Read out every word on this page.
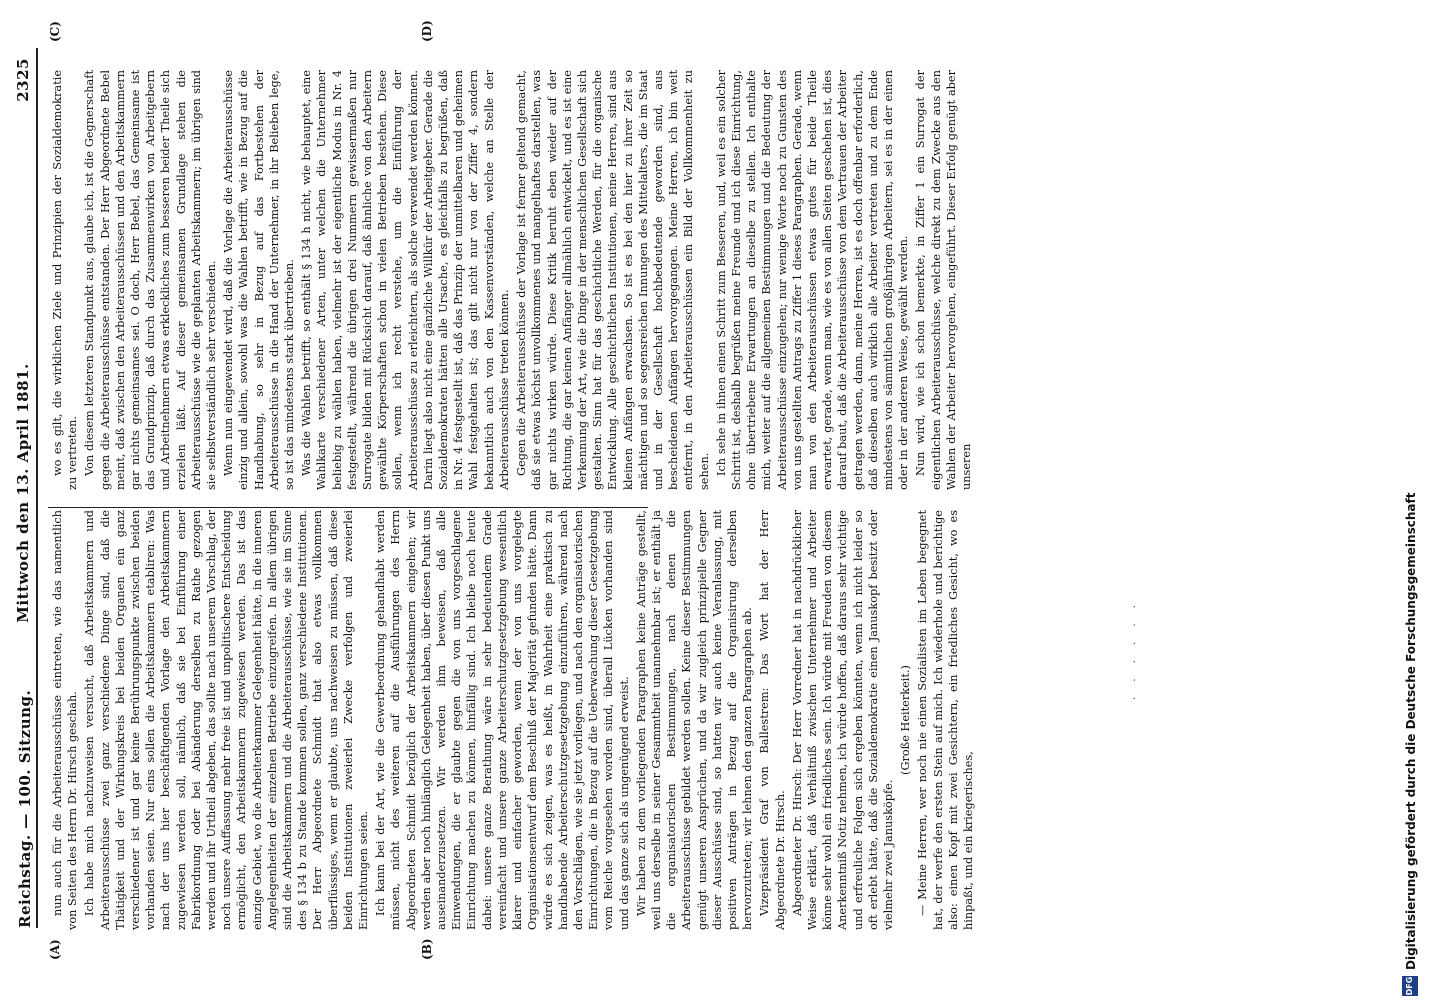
Reichstag. — 100. Sitzung.
Mittwoch den 13. April 1881.
2325
(A)	(B)
(C)	(D)

nun auch für die Arbeiterausschüsse eintreten, wie das namentlich von Seiten des Herrn Dr. Hirsch geschah. Ich habe mich nachzuweisen versucht, daß Arbeitskammern und Arbeiterausschüsse zwei ganz verschiedene Dinge sind, daß die Thätigkeit und der Wirkungskreis bei beiden Organen ein ganz verschiedener ist und gar keine Berührungspunkte zwischen beiden vorhanden seien. Nur eins sollen die Arbeitskammern etabliren: Was nach der uns hier beschäftigenden Vorlage den Arbeitskammern zugewiesen werden soll, nämlich, daß sie bei Einführung einer Fabrikordnung oder bei Abänderung derselben zu Rathe gezogen werden und ihr Urtheil abgeben, das sollte nach unserem Vorschlag, der noch unsere Auffassung mehr freie ist und unpolitischere Entscheidung ermöglicht, den Arbeitskammern zugewiesen werden. Das ist das einzige Gebiet, wo die Arbeiterkammer Gelegenheit hätte, in die inneren Angelegenheiten der einzelnen Betriebe einzugreifen. In allem übrigen sind die Arbeitskammern und die Arbeiterausschüsse, wie sie im Sinne des § 134 b zu Stande kommen sollen, ganz verschiedene Institutionen. Der Herr Abgeordnete Schmidt that also etwas vollkommen überflüssiges, wenn er glaubte, uns nachweisen zu müssen, daß diese beiden Institutionen zweierlei Zwecke verfolgen und zweierlei Einrichtungen seien. Ich kann bei der Art, wie die Gewerbeordnung gehandhabt werden müssen, nicht des weiteren auf die Ausführungen des Herrn Abgeordneten Schmidt bezüglich der Arbeitskammern eingehen; wir werden aber noch hinlänglich Gelegenheit haben, über diesen Punkt uns auseinanderzusetzen. Wir werden ihm beweisen, daß alle Einwendungen, die er glaubte gegen die von uns vorgeschlagene Einrichtung machen zu können, hinfällig sind. Ich bleibe noch heute dabei: unsere ganze Berathung wäre in sehr bedeutendem Grade vereinfacht und unsere ganze Arbeiterschutzgesetzgebung wesentlich klarer und einfacher geworden, wenn der von uns vorgelegte Organisationsentwurf dem Beschluß der Majorität gefunden hätte. Dann würde es sich zeigen, was es heißt, in Wahrheit eine praktisch zu handhabende Arbeiterschutzgesetzgebung einzuführen, während nach den Vorschlägen, wie sie jetzt vorliegen, und nach den organisatorischen Einrichtungen, die in Bezug auf die Ueberwachung dieser Gesetzgebung vom Reiche vorgesehen worden sind, überall Lücken vorhanden sind und das ganze sich als ungenügend erweist. Wir haben zu dem vorliegenden Paragraphen keine Anträge gestellt, weil uns derselbe in seiner Gesammtheit unannehmbar ist; er enthält ja die organisatorischen Bestimmungen, nach denen die Arbeiterausschüsse gebildet werden sollen. Keine dieser Bestimmungen genügt unseren Ansprüchen, und da wir zugleich prinzipielle Gegner dieser Ausschüsse sind, so hatten wir auch keine Veranlassung, mit positiven Anträgen in Bezug auf die Organisirung derselben hervorzutreten; wir lehnen den ganzen Paragraphen ab. Vizepräsident Graf von Ballestrem: Das Wort hat der Herr Abgeordnete Dr. Hirsch. Abgeordneter Dr. Hirsch: Der Herr Vorredner hat in nachdrücklicher Weise erklärt, daß Verhältniß zwischen Unternehmer und Arbeiter könne sehr wohl ein friedliches sein. Ich würde mit Freuden von diesem Anerkenntniß Notiz nehmen, ich würde hoffen, daß daraus sehr wichtige und erfreuliche Folgen sich ergeben könnten, wenn ich nicht leider so oft erlebt hätte, daß die Sozialdemokratie einen Januskopf besitzt oder vielmehr zwei Janusköpfe.

(Große Heiterkeit.) — Meine Herren, wer noch nie einen Sozialisten im Leben begegnet hat, der werfe den ersten Stein auf mich. Ich wiederhole und berichtige also: einen Kopf mit zwei Gesichtern, ein friedliches Gesicht, wo es hinpaßt, und ein kriegerisches,

wo es gilt, die wirklichen Ziele und Prinzipien der Sozialdemokratie zu vertreten. Von diesem letzteren Standpunkt aus, glaube ich, ist die Gegnerschaft gegen die Arbeiterausschüsse entstanden. Der Herr Abgeordnete Bebel meint, daß zwischen den Arbeiterausschüssen und den Arbeitskammern gar nichts gemeinsames sei. O doch, Herr Bebel, das Gemeinsame ist das Grundprinzip, daß durch das Zusammenwirken von Arbeitgebern und Arbeitnehmern etwas erkleckliches zum besseren beider Theile sich erzielen läßt. Auf dieser gemeinsamen Grundlage stehen die Arbeiterausschüsse wie die geplanten Arbeitskammern; im übrigen sind sie selbstverständlich sehr verschieden. Wenn nun eingewendet wird, daß die Vorlage die Arbeiterausschüsse einzig und allein, sowohl was die Wahlen betrifft, wie in Bezug auf die Handhabung, so sehr in Bezug auf das Fortbestehen der Arbeiterausschüsse in die Hand der Unternehmer, in ihr Belieben lege, so ist das mindestens stark übertrieben. Was die Wahlen betrifft, so enthält § 134 h nicht, wie behauptet, eine Wahlkarte verschiedener Arten, unter welchen die Unternehmer beliebig zu wählen haben, vielmehr ist der eigentliche Modus in Nr. 4 festgestellt, während die übrigen drei Nummern gewissermaßen nur Surrogate bilden mit Rücksicht darauf, daß ähnliche von den Arbeitern gewählte Körperschaften schon in vielen Betrieben bestehen. Diese sollen, wenn ich recht verstehe, um die Einführung der Arbeiterausschüsse zu erleichtern, als solche verwendet werden können. Darin liegt also nicht eine gänzliche Willkür der Arbeitgeber. Gerade die Sozialdemokraten hätten alle Ursache, es gleichfalls zu begrüßen, daß in Nr. 4 festgestellt ist, daß das Prinzip der unmittelbaren und geheimen Wahl festgehalten ist; das gilt nicht nur von der Ziffer 4, sondern bekanntlich auch von den Kassenvorständen, welche an Stelle der Arbeiterausschüsse treten können. Gegen die Arbeiterausschüsse der Vorlage ist ferner geltend gemacht, daß sie etwas höchst unvollkommenes und mangelhaftes darstellen, was gar nichts wirken würde. Diese Kritik beruht eben wieder auf der Richtung, die gar keinen Anfänger allmählich entwickelt, und es ist eine Verkennung der Art, wie die Dinge in der menschlichen Gesellschaft sich gestalten. Sinn hat für das geschichtliche Werden, für die organische Entwicklung. Alle geschichtlichen Institutionen, meine Herren, sind aus kleinen Anfängen erwachsen. So ist es bei den hier zu ihrer Zeit so mächtigen und so segensreichen Innungen des Mittelalters, die im Staat und in der Gesellschaft hochbedeutende geworden sind, aus bescheidenen Anfängen hervorgegangen. Meine Herren, ich bin weit entfernt, in den Arbeiterausschüssen ein Bild der Vollkommenheit zu sehen. Ich sehe in ihnen einen Schritt zum Besseren, und, weil es ein solcher Schritt ist, deshalb begrüßen meine Freunde und ich diese Einrichtung, ohne übertriebene Erwartungen an dieselbe zu stellen. Ich enthalte mich, weiter auf die allgemeinen Bestimmungen und die Bedeutung der Arbeiterausschüsse einzugehen; nur wenige Worte noch zu Gunsten des von uns gestellten Antrags zu Ziffer 1 dieses Paragraphen. Gerade, wenn man von den Arbeiterausschüssen etwas gutes für beide Theile erwartet, gerade, wenn man, wie es von allen Seiten geschehen ist, dies darauf baut, daß die Arbeiterausschüsse von dem Vertrauen der Arbeiter getragen werden, dann, meine Herren, ist es doch offenbar erforderlich, daß dieselben auch wirklich alle Arbeiter vertreten und zu dem Ende mindestens von sämmtlichen großjährigen Arbeitern, sei es in der einen oder in der anderen Weise, gewählt werden. Nun wird, wie ich schon bemerkte, in Ziffer 1 ein Surrogat der eigentlichen Arbeiterausschüsse, welche direkt zu dem Zwecke aus den Wahlen der Arbeiter hervorgehen, eingeführt. Dieser Erfolg genügt aber unseren

· · · · · ·
DFG
Digitalisierung gefördert durch die Deutsche Forschungsgemeinschaft
